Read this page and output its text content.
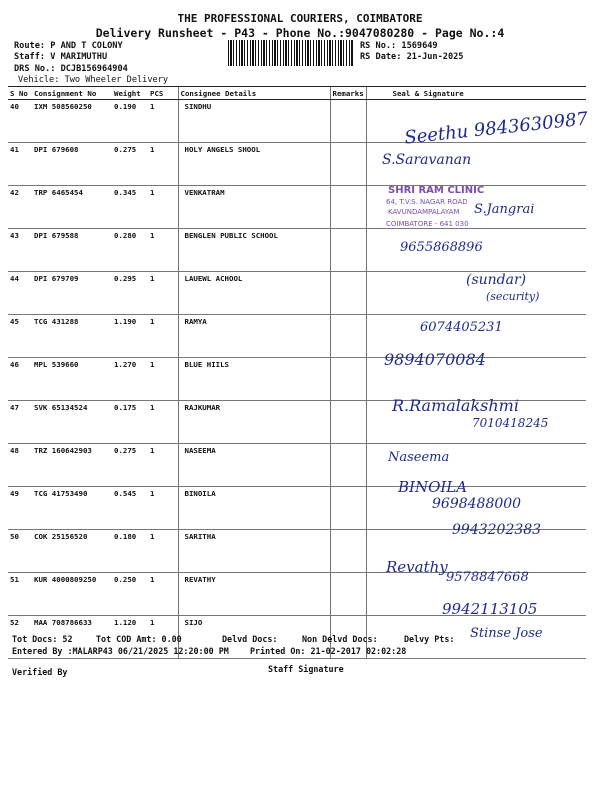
THE PROFESSIONAL COURIERS, COIMBATORE
Delivery Runsheet - P43 - Phone No.:9047080280 - Page No.:4
Route: P AND T COLONY
Staff: V MARIMUTHU
DRS No.: DCJB156964904
Vehicle: Two Wheeler Delivery
RS No.: 1569649
RS Date: 21-Jun-2025
S No	Consignment No	Weight	PCS	Consignee Details	Remarks	Seal & Signature
40	IXM 508560250	0.190	1	SINDHU		
41	DPI 679608	0.275	1	HOLY ANGELS SHOOL		
42	TRP 6465454	0.345	1	VENKATRAM		
43	DPI 679588	0.280	1	BENGLEN PUBLIC SCHOOL		
44	DPI 679709	0.295	1	LAUEWL ACHOOL		
45	TCG 431288	1.190	1	RAMYA		
46	MPL 539660	1.270	1	BLUE HIILS		
47	SVK 65134524	0.175	1	RAJKUMAR		
48	TRZ 160642903	0.275	1	NASEEMA		
49	TCG 41753490	0.545	1	BINOILA		
50	COK 25156520	0.180	1	SARITHA		
51	KUR 4000809250	0.250	1	REVATHY		
52	MAA 708786633	1.120	1	SIJO		
SHRI RAM CLINIC
64, T.V.S. NAGAR ROAD
KAVUNDAMPALAYAM
COIMBATORE - 641 030
Seethu 9843630987
S.Saravanan
S.Jangrai
9655868896
(sundar)
(security)
6074405231
9894070084
R.Ramalakshmi
7010418245
Naseema
BINOILA
9698488000
9943202383
Revathy
9578847668
9942113105
Stinse Jose
Tot Docs: 52	Tot COD Amt: 0.00	Delvd Docs:	Non Delvd Docs:	Delvy Pts:
Entered By :MALARP43 06/21/2025 12:20:00 PM	Printed On: 21-02-2017 02:02:28
Verified By	Staff Signature
